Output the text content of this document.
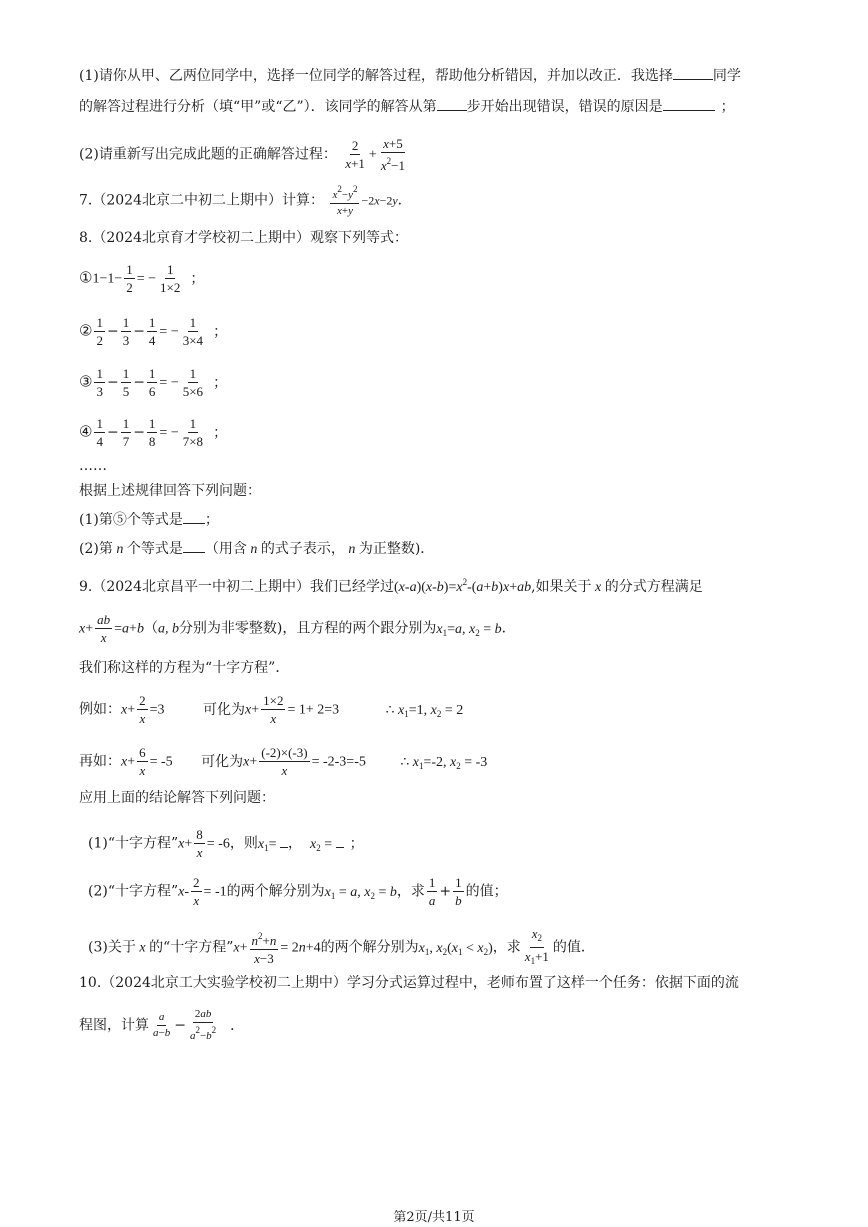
(1)请你从甲、乙两位同学中，选择一位同学的解答过程，帮助他分析错因，并加以改正．我选择	同学
的解答过程进行分析（填“甲”或“乙”）．该同学的解答从第 步开始出现错误，错误的原因是	；
(2)请重新写出完成此题的正确解答过程： $\frac{2}{x+1} + \frac{x+5}{x^2-1}$
7.（2024北京二中初二上期中）计算： $\frac{x^2-y^2}{x+y} -2x-2y$．
8.（2024北京育才学校初二上期中）观察下列等式：
①1−1− $\frac{1}{2}$ = − $\frac{1}{1\times 2}$ ；
② $\frac{1}{2} - \frac{1}{3} - \frac{1}{4}$ = − $\frac{1}{3\times 4}$ ；
③ $\frac{1}{3} - \frac{1}{5} - \frac{1}{6}$ = − $\frac{1}{5\times 6}$ ；
④ $\frac{1}{4} - \frac{1}{7} - \frac{1}{8}$ = − $\frac{1}{7\times 8}$ ；
……
根据上述规律回答下列问题：
(1)第⑤个等式是 ；
(2)第 n 个等式是 （用含 n 的式子表示， n 为正整数)．
9.（2024北京昌平一中初二上期中）我们已经学过$(x-a)(x-b)=x^2-(a+b)x+ab$,如果关于 x 的分式方程满足
$x+ \frac{ab}{x} =a+b(a$, b分别为非零整数)，且方程的两个跟分别为$x_1=a$, $x_2 = b$．
我们称这样的方程为“十字方程”．
例如：$x+ \frac{2}{x} =3$	可化为$x+ \frac{1\times 2}{x} = 1+ 2=3$	∴ $x_1=1$, $x_2 = 2$
再如：$x+ \frac{6}{x} = -5$ 可化为$x+ \frac{(-2)\times(-3)}{x} = -2-3=-5$ ∴ $x_1=-2$, $x_2 = -3$
应用上面的结论解答下列问题：
(1)“十字方程”x+ $\frac{8}{x} = -6$，则$x_1=$ ， $x_2$ = ；
(2)“十字方程”x- $\frac{2}{x} = -1$的两个解分别为$x_1 = a$, $x_2 = b$，求 $\frac{1}{a} + \frac{1}{b}$ 的值；
(3)关于 x 的“十字方程”x+ $\frac{n^2+n}{x-3} = 2n+4$的两个解分别为$x_1$, $x_2(x_1 < x_2)$，求 $\frac{x_2}{x_1+1}$ 的值．
10.（2024北京工大实验学校初二上期中）学习分式运算过程中，老师布置了这样一个任务：依据下面的流
程图，计算 $\frac{a}{a-b} - \frac{2ab}{a^2-b^2}$ ．
第2页/共11页
